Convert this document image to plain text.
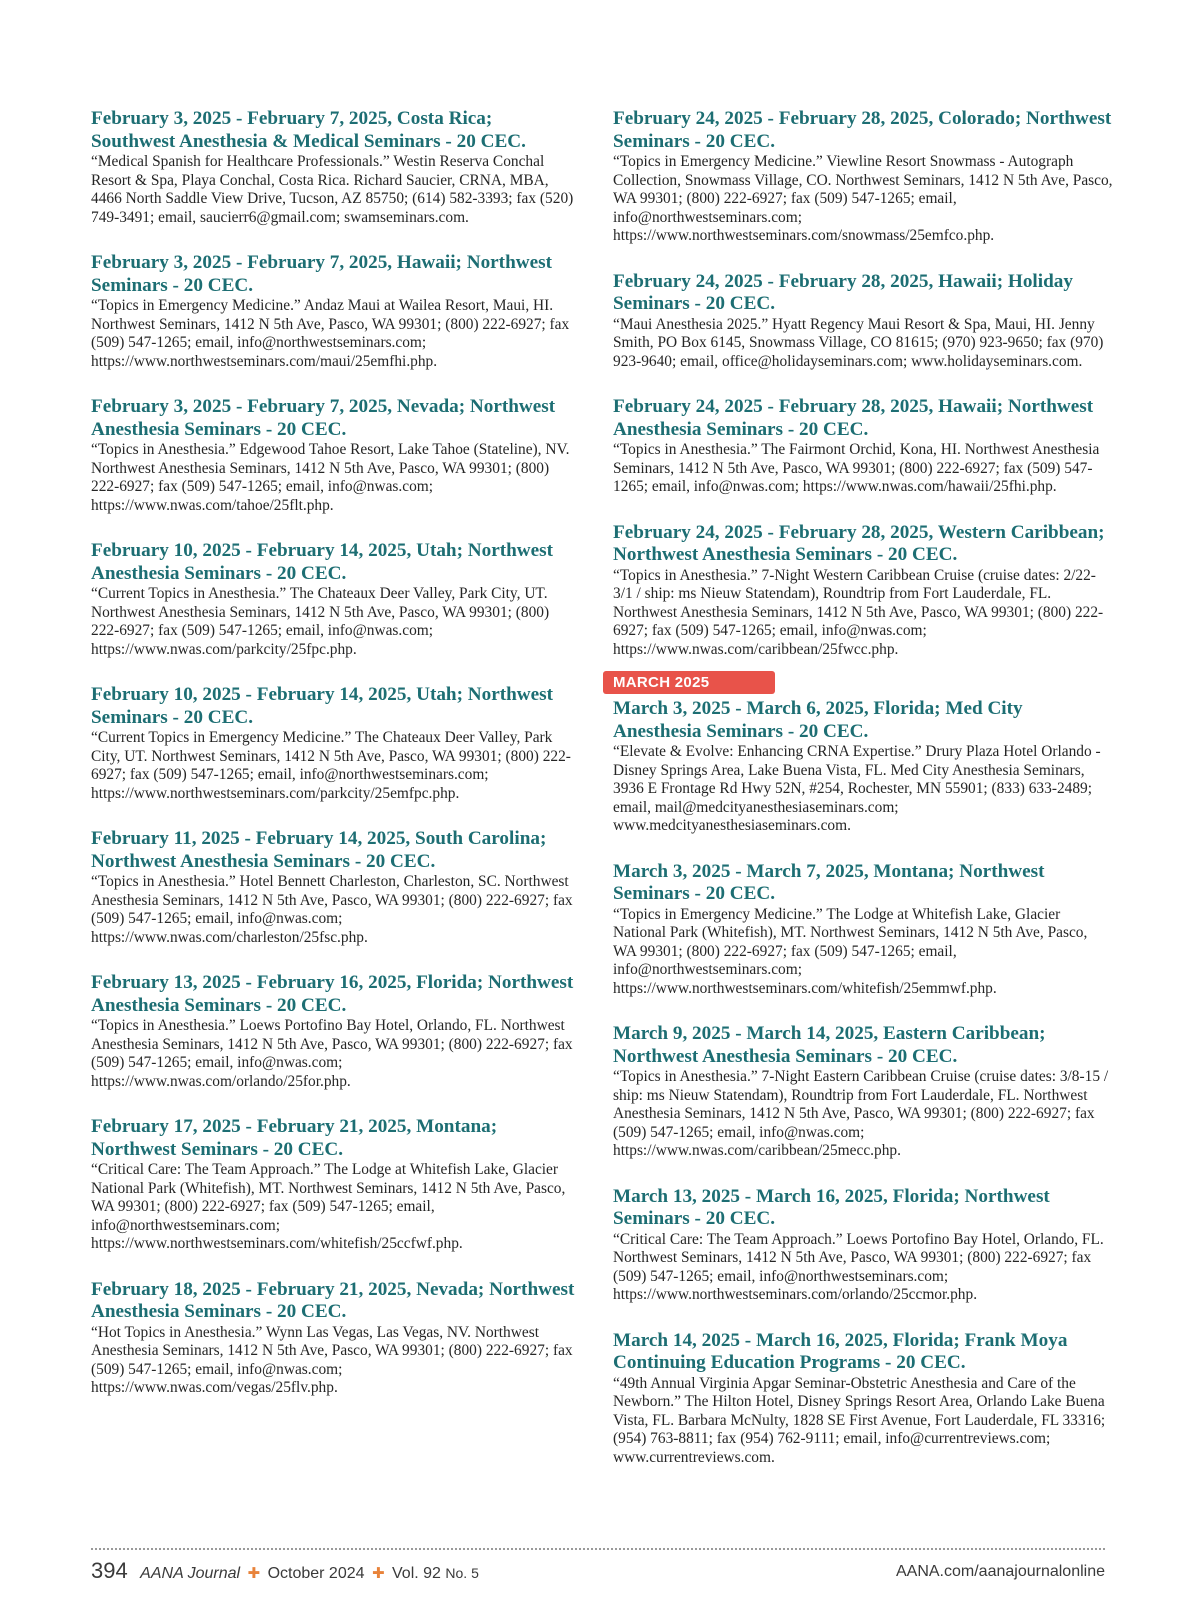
February 3, 2025 - February 7, 2025, Costa Rica; Southwest Anesthesia & Medical Seminars - 20 CEC.
“Medical Spanish for Healthcare Professionals.” Westin Reserva Conchal Resort & Spa, Playa Conchal, Costa Rica. Richard Saucier, CRNA, MBA, 4466 North Saddle View Drive, Tucson, AZ 85750; (614) 582-3393; fax (520) 749-3491; email, saucierr6@gmail.com; swamseminars.com.
February 3, 2025 - February 7, 2025, Hawaii; Northwest Seminars - 20 CEC.
“Topics in Emergency Medicine.” Andaz Maui at Wailea Resort, Maui, HI. Northwest Seminars, 1412 N 5th Ave, Pasco, WA 99301; (800) 222-6927; fax (509) 547-1265; email, info@northwestseminars.com; https://www.northwestseminars.com/maui/25emfhi.php.
February 3, 2025 - February 7, 2025, Nevada; Northwest Anesthesia Seminars - 20 CEC.
“Topics in Anesthesia.” Edgewood Tahoe Resort, Lake Tahoe (Stateline), NV. Northwest Anesthesia Seminars, 1412 N 5th Ave, Pasco, WA 99301; (800) 222-6927; fax (509) 547-1265; email, info@nwas.com; https://www.nwas.com/tahoe/25flt.php.
February 10, 2025 - February 14, 2025, Utah; Northwest Anesthesia Seminars - 20 CEC.
“Current Topics in Anesthesia.” The Chateaux Deer Valley, Park City, UT. Northwest Anesthesia Seminars, 1412 N 5th Ave, Pasco, WA 99301; (800) 222-6927; fax (509) 547-1265; email, info@nwas.com; https://www.nwas.com/parkcity/25fpc.php.
February 10, 2025 - February 14, 2025, Utah; Northwest Seminars - 20 CEC.
“Current Topics in Emergency Medicine.” The Chateaux Deer Valley, Park City, UT. Northwest Seminars, 1412 N 5th Ave, Pasco, WA 99301; (800) 222-6927; fax (509) 547-1265; email, info@northwestseminars.com; https://www.northwestseminars.com/parkcity/25emfpc.php.
February 11, 2025 - February 14, 2025, South Carolina; Northwest Anesthesia Seminars - 20 CEC.
“Topics in Anesthesia.” Hotel Bennett Charleston, Charleston, SC. Northwest Anesthesia Seminars, 1412 N 5th Ave, Pasco, WA 99301; (800) 222-6927; fax (509) 547-1265; email, info@nwas.com; https://www.nwas.com/charleston/25fsc.php.
February 13, 2025 - February 16, 2025, Florida; Northwest Anesthesia Seminars - 20 CEC.
“Topics in Anesthesia.” Loews Portofino Bay Hotel, Orlando, FL. Northwest Anesthesia Seminars, 1412 N 5th Ave, Pasco, WA 99301; (800) 222-6927; fax (509) 547-1265; email, info@nwas.com; https://www.nwas.com/orlando/25for.php.
February 17, 2025 - February 21, 2025, Montana; Northwest Seminars - 20 CEC.
“Critical Care: The Team Approach.” The Lodge at Whitefish Lake, Glacier National Park (Whitefish), MT. Northwest Seminars, 1412 N 5th Ave, Pasco, WA 99301; (800) 222-6927; fax (509) 547-1265; email, info@northwestseminars.com; https://www.northwestseminars.com/whitefish/25ccfwf.php.
February 18, 2025 - February 21, 2025, Nevada; Northwest Anesthesia Seminars - 20 CEC.
“Hot Topics in Anesthesia.” Wynn Las Vegas, Las Vegas, NV. Northwest Anesthesia Seminars, 1412 N 5th Ave, Pasco, WA 99301; (800) 222-6927; fax (509) 547-1265; email, info@nwas.com; https://www.nwas.com/vegas/25flv.php.
February 24, 2025 - February 28, 2025, Colorado; Northwest Seminars - 20 CEC.
“Topics in Emergency Medicine.” Viewline Resort Snowmass - Autograph Collection, Snowmass Village, CO. Northwest Seminars, 1412 N 5th Ave, Pasco, WA 99301; (800) 222-6927; fax (509) 547-1265; email, info@northwestseminars.com; https://www.northwestseminars.com/snowmass/25emfco.php.
February 24, 2025 - February 28, 2025, Hawaii; Holiday Seminars - 20 CEC.
“Maui Anesthesia 2025.” Hyatt Regency Maui Resort & Spa, Maui, HI. Jenny Smith, PO Box 6145, Snowmass Village, CO 81615; (970) 923-9650; fax (970) 923-9640; email, office@holidayseminars.com; www.holidayseminars.com.
February 24, 2025 - February 28, 2025, Hawaii; Northwest Anesthesia Seminars - 20 CEC.
“Topics in Anesthesia.” The Fairmont Orchid, Kona, HI. Northwest Anesthesia Seminars, 1412 N 5th Ave, Pasco, WA 99301; (800) 222-6927; fax (509) 547-1265; email, info@nwas.com; https://www.nwas.com/hawaii/25fhi.php.
February 24, 2025 - February 28, 2025, Western Caribbean; Northwest Anesthesia Seminars - 20 CEC.
“Topics in Anesthesia.” 7-Night Western Caribbean Cruise (cruise dates: 2/22-3/1 / ship: ms Nieuw Statendam), Roundtrip from Fort Lauderdale, FL. Northwest Anesthesia Seminars, 1412 N 5th Ave, Pasco, WA 99301; (800) 222-6927; fax (509) 547-1265; email, info@nwas.com; https://www.nwas.com/caribbean/25fwcc.php.
MARCH 2025
March 3, 2025 - March 6, 2025, Florida; Med City Anesthesia Seminars - 20 CEC.
“Elevate & Evolve: Enhancing CRNA Expertise.” Drury Plaza Hotel Orlando - Disney Springs Area, Lake Buena Vista, FL. Med City Anesthesia Seminars, 3936 E Frontage Rd Hwy 52N, #254, Rochester, MN 55901; (833) 633-2489; email, mail@medcityanesthesiaseminars.com; www.medcityanesthesiaseminars.com.
March 3, 2025 - March 7, 2025, Montana; Northwest Seminars - 20 CEC.
“Topics in Emergency Medicine.” The Lodge at Whitefish Lake, Glacier National Park (Whitefish), MT. Northwest Seminars, 1412 N 5th Ave, Pasco, WA 99301; (800) 222-6927; fax (509) 547-1265; email, info@northwestseminars.com; https://www.northwestseminars.com/whitefish/25emmwf.php.
March 9, 2025 - March 14, 2025, Eastern Caribbean; Northwest Anesthesia Seminars - 20 CEC.
“Topics in Anesthesia.” 7-Night Eastern Caribbean Cruise (cruise dates: 3/8-15 / ship: ms Nieuw Statendam), Roundtrip from Fort Lauderdale, FL. Northwest Anesthesia Seminars, 1412 N 5th Ave, Pasco, WA 99301; (800) 222-6927; fax (509) 547-1265; email, info@nwas.com; https://www.nwas.com/caribbean/25mecc.php.
March 13, 2025 - March 16, 2025, Florida; Northwest Seminars - 20 CEC.
“Critical Care: The Team Approach.” Loews Portofino Bay Hotel, Orlando, FL. Northwest Seminars, 1412 N 5th Ave, Pasco, WA 99301; (800) 222-6927; fax (509) 547-1265; email, info@northwestseminars.com; https://www.northwestseminars.com/orlando/25ccmor.php.
March 14, 2025 - March 16, 2025, Florida; Frank Moya Continuing Education Programs - 20 CEC.
“49th Annual Virginia Apgar Seminar-Obstetric Anesthesia and Care of the Newborn.” The Hilton Hotel, Disney Springs Resort Area, Orlando Lake Buena Vista, FL. Barbara McNulty, 1828 SE First Avenue, Fort Lauderdale, FL 33316; (954) 763-8811; fax (954) 762-9111; email, info@currentreviews.com; www.currentreviews.com.
394 AANA Journal ✚ October 2024 ✚ Vol. 92 No. 5	AANA.com/aanajournalonline
